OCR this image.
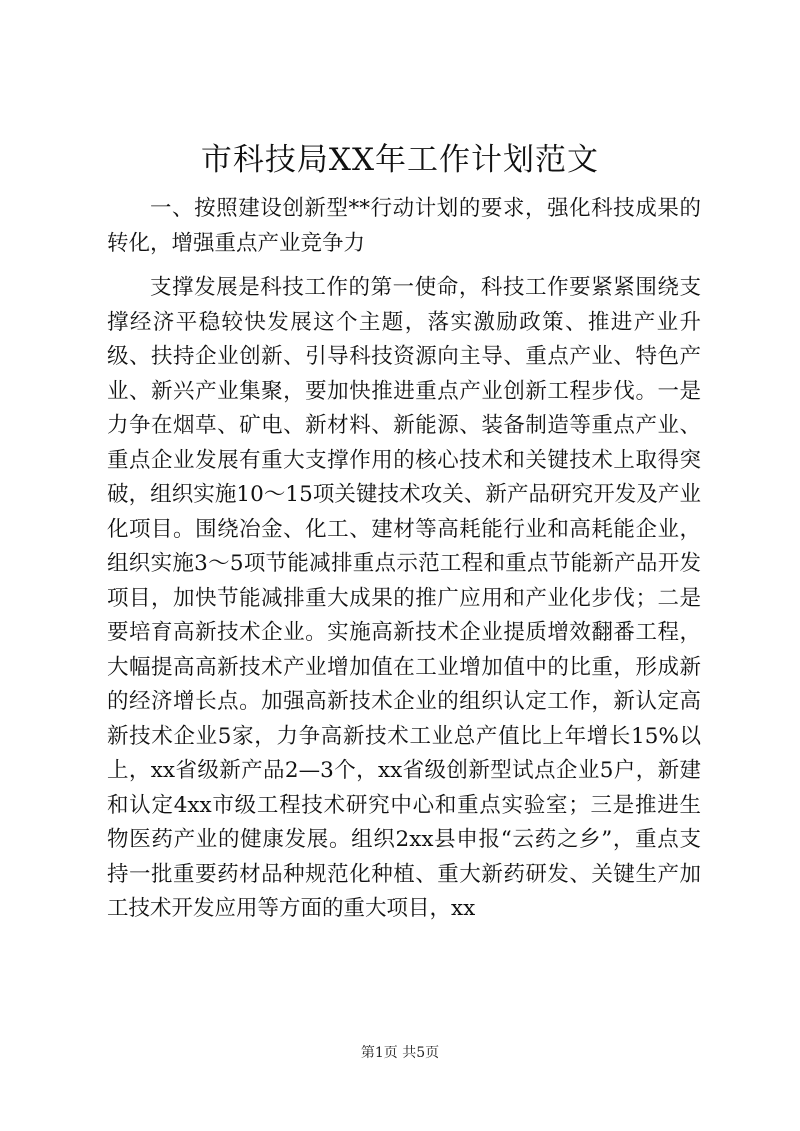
市科技局XX年工作计划范文

一、按照建设创新型**行动计划的要求，强化科技成果的转化，增强重点产业竞争力

支撑发展是科技工作的第一使命，科技工作要紧紧围绕支撑经济平稳较快发展这个主题，落实激励政策、推进产业升级、扶持企业创新、引导科技资源向主导、重点产业、特色产业、新兴产业集聚，要加快推进重点产业创新工程步伐。一是力争在烟草、矿电、新材料、新能源、装备制造等重点产业、重点企业发展有重大支撑作用的核心技术和关键技术上取得突破，组织实施10～15项关键技术攻关、新产品研究开发及产业化项目。围绕冶金、化工、建材等高耗能行业和高耗能企业，组织实施3～5项节能减排重点示范工程和重点节能新产品开发项目，加快节能减排重大成果的推广应用和产业化步伐；二是要培育高新技术企业。实施高新技术企业提质增效翻番工程，大幅提高高新技术产业增加值在工业增加值中的比重，形成新的经济增长点。加强高新技术企业的组织认定工作，新认定高新技术企业5家，力争高新技术工业总产值比上年增长15%以上，xx省级新产品2—3个，xx省级创新型试点企业5户，新建和认定4xx市级工程技术研究中心和重点实验室；三是推进生物医药产业的健康发展。组织2xx县申报“云药之乡”，重点支持一批重要药材品种规范化种植、重大新药研发、关键生产加工技术开发应用等方面的重大项目，xx

第1页 共5页
